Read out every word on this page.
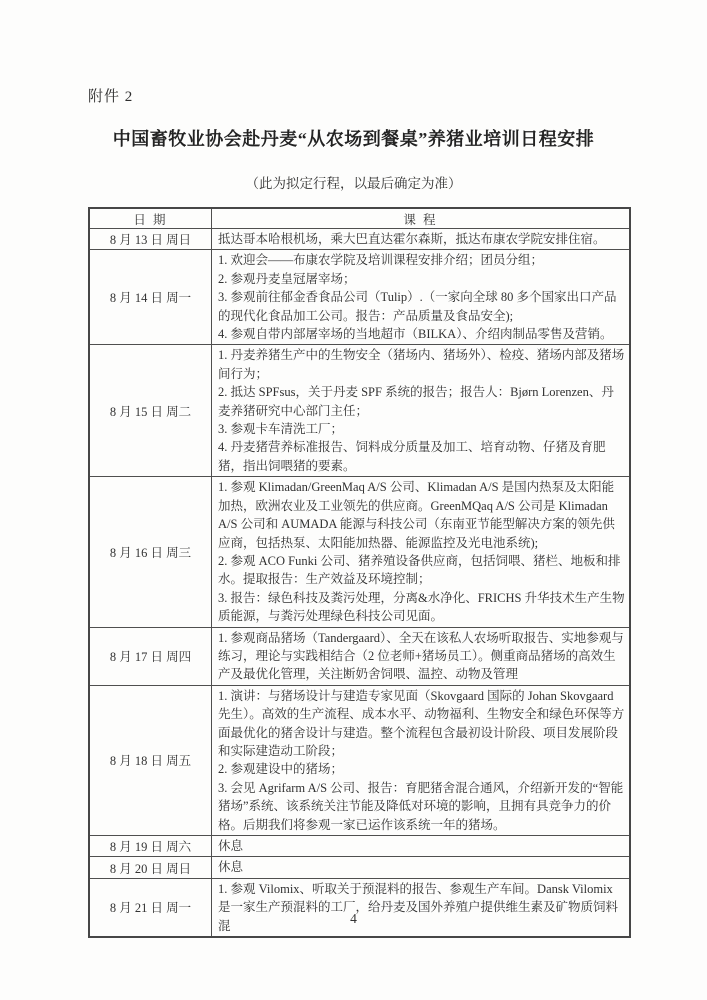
附件 2
中国畜牧业协会赴丹麦“从农场到餐桌”养猪业培训日程安排
（此为拟定行程，以最后确定为准）
日 期	课 程
8 月 13 日 周日	抵达哥本哈根机场，乘大巴直达霍尔森斯，抵达布康农学院安排住宿。

8 月 14 日 周一	1. 欢迎会——布康农学院及培训课程安排介绍；团员分组；
2. 参观丹麦皇冠屠宰场；
3. 参观前往郁金香食品公司（Tulip）.（一家向全球 80 多个国家出口产品的现代化食品加工公司。报告：产品质量及食品安全);
4. 参观自带内部屠宰场的当地超市（BILKA）、介绍肉制品零售及营销。

8 月 15 日 周二	1. 丹麦养猪生产中的生物安全（猪场内、猪场外）、检疫、猪场内部及猪场间行为；
2. 抵达 SPFsus，关于丹麦 SPF 系统的报告；报告人：Bjørn Lorenzen、丹麦养猪研究中心部门主任；
3. 参观卡车清洗工厂；
4. 丹麦猪营养标准报告、饲料成分质量及加工、培育动物、仔猪及育肥猪，指出饲喂猪的要素。

8 月 16 日 周三	1. 参观 Klimadan/GreenMaq A/S 公司、Klimadan A/S 是国内热泵及太阳能加热，欧洲农业及工业领先的供应商。GreenMQaq A/S 公司是 Klimadan A/S 公司和 AUMADA 能源与科技公司（东南亚节能型解决方案的领先供应商，包括热泵、太阳能加热器、能源监控及光电池系统);
2. 参观 ACO Funki 公司、猪养殖设备供应商，包括饲喂、猪栏、地板和排水。提取报告：生产效益及环境控制；
3. 报告：绿色科技及粪污处理，分离&水净化、FRICHS 升华技术生产生物质能源，与粪污处理绿色科技公司见面。

8 月 17 日 周四	1. 参观商品猪场（Tandergaard）、全天在该私人农场听取报告、实地参观与练习，理论与实践相结合（2 位老师+猪场员工）。侧重商品猪场的高效生产及最优化管理，关注断奶舍饲喂、温控、动物及管理

8 月 18 日 周五	1. 演讲：与猪场设计与建造专家见面（Skovgaard 国际的 Johan Skovgaard 先生）。高效的生产流程、成本水平、动物福利、生物安全和绿色环保等方面最优化的猪舍设计与建造。整个流程包含最初设计阶段、项目发展阶段和实际建造动工阶段；
2. 参观建设中的猪场；
3. 会见 Agrifarm A/S 公司、报告：育肥猪舍混合通风，介绍新开发的“智能猪场”系统、该系统关注节能及降低对环境的影响，且拥有具竞争力的价格。后期我们将参观一家已运作该系统一年的猪场。

8 月 19 日 周六	休息

8 月 20 日 周日	休息

8 月 21 日 周一	1. 参观 Vilomix、听取关于预混料的报告、参观生产车间。Dansk Vilomix 是一家生产预混料的工厂，给丹麦及国外养殖户提供维生素及矿物质饲料混	4
